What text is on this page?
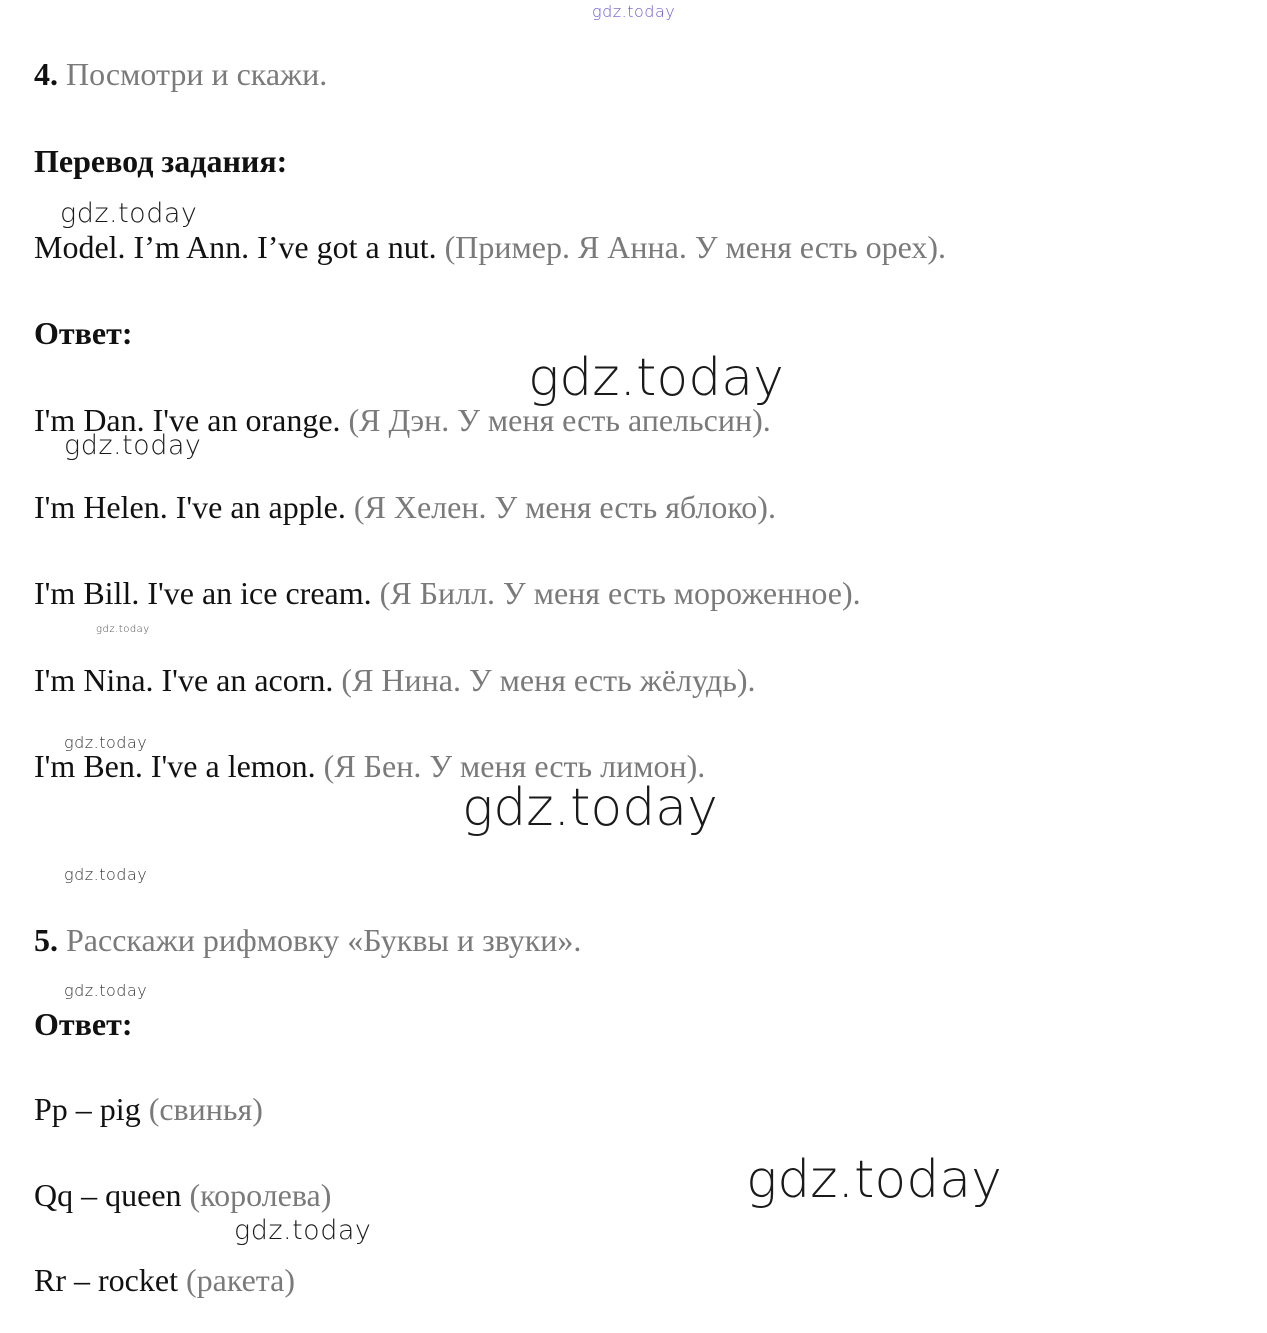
gdz.today
gdz.today
gdz.today
gdz.today
gdz.today
gdz.today
gdz.today
gdz.today
gdz.today
gdz.today
gdz.today
4. Посмотри и скажи.
Перевод задания:
Model. I’m Ann. I’ve got a nut. (Пример. Я Анна. У меня есть орех).
Ответ:
I'm Dan. I've an orange. (Я Дэн. У меня есть апельсин).
I'm Helen. I've an apple. (Я Хелен. У меня есть яблоко).
I'm Bill. I've an ice cream. (Я Билл. У меня есть мороженное).
I'm Nina. I've an acorn. (Я Нина. У меня есть жёлудь).
I'm Ben. I've a lemon. (Я Бен. У меня есть лимон).
5. Расскажи рифмовку «Буквы и звуки».
Ответ:
Pp – pig (свинья)
Qq – queen (королева)
Rr – rocket (ракета)
